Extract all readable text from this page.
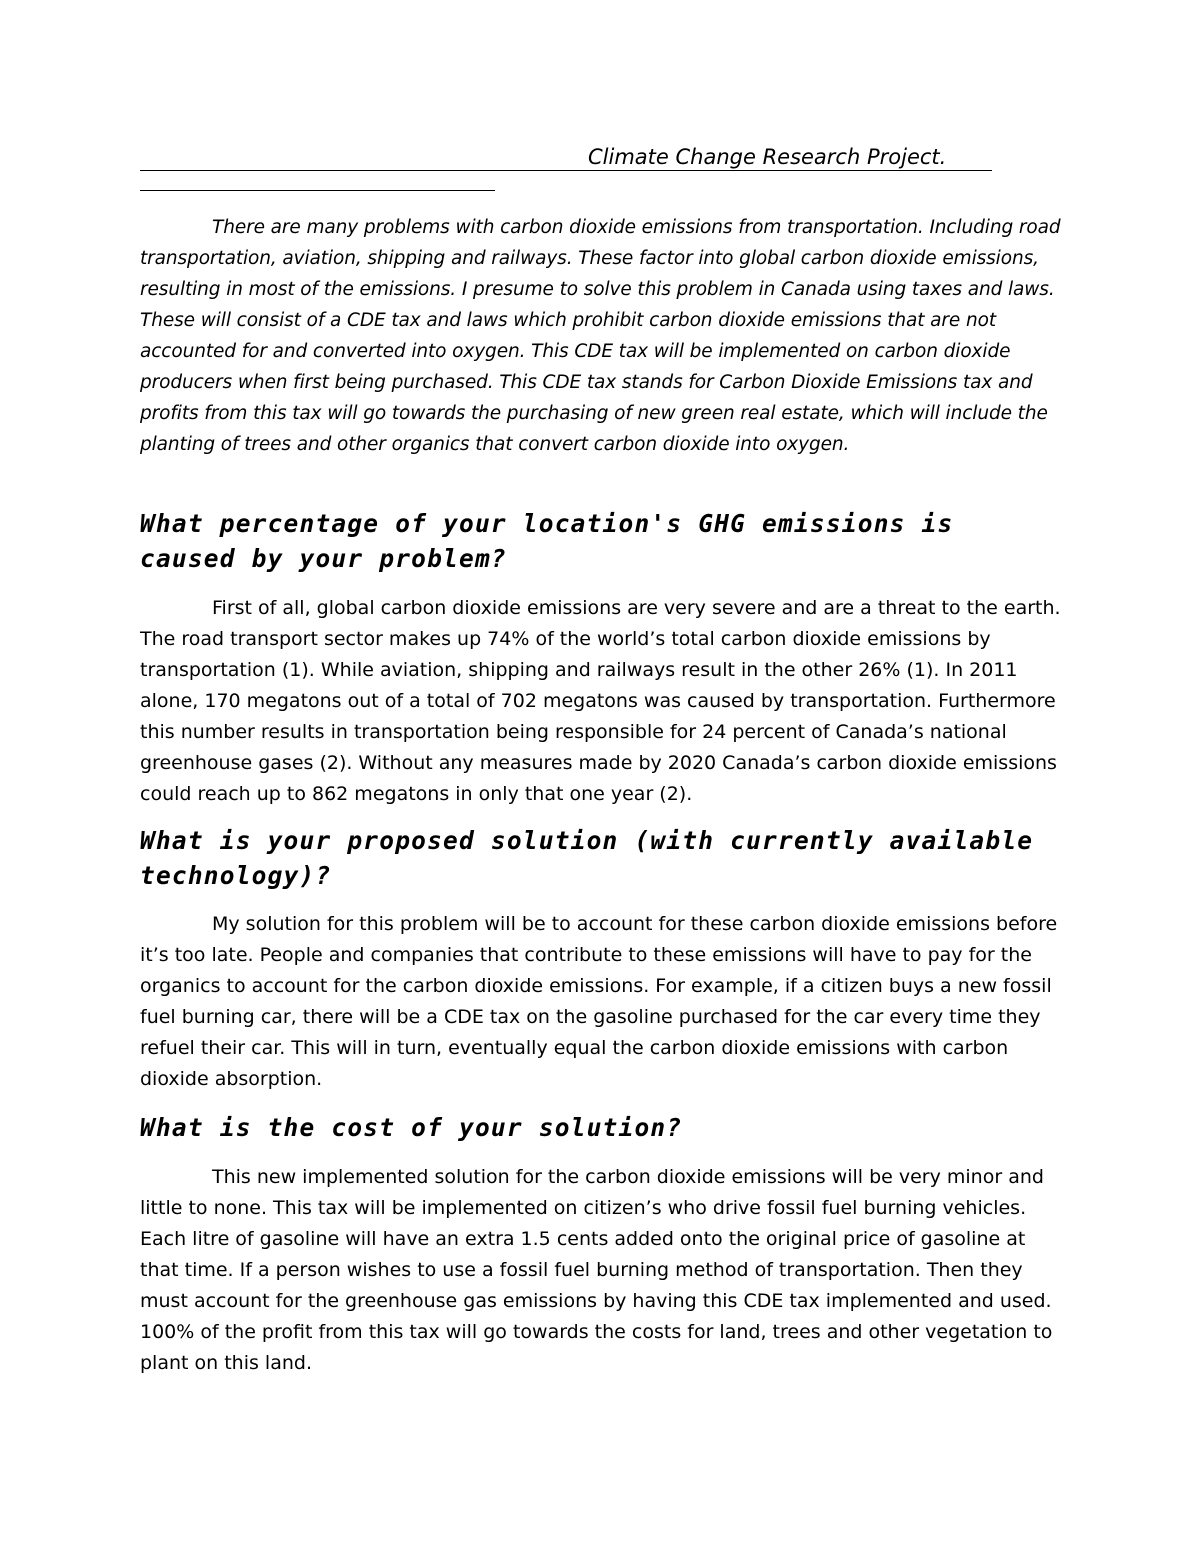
Climate Change Research Project.

There are many problems with carbon dioxide emissions from transportation. Including road transportation, aviation, shipping and railways. These factor into global carbon dioxide emissions, resulting in most of the emissions. I presume to solve this problem in Canada using taxes and laws. These will consist of a CDE tax and laws which prohibit carbon dioxide emissions that are not accounted for and converted into oxygen. This CDE tax will be implemented on carbon dioxide producers when first being purchased. This CDE tax stands for Carbon Dioxide Emissions tax and profits from this tax will go towards the purchasing of new green real estate, which will include the planting of trees and other organics that convert carbon dioxide into oxygen.

What percentage of your location's GHG emissions is caused by your problem?

First of all, global carbon dioxide emissions are very severe and are a threat to the earth. The road transport sector makes up 74% of the world’s total carbon dioxide emissions by transportation (1). While aviation, shipping and railways result in the other 26% (1). In 2011 alone, 170 megatons out of a total of 702 megatons was caused by transportation. Furthermore this number results in transportation being responsible for 24 percent of Canada’s national greenhouse gases (2). Without any measures made by 2020 Canada’s carbon dioxide emissions could reach up to 862 megatons in only that one year (2).

What is your proposed solution (with currently available technology)?

My solution for this problem will be to account for these carbon dioxide emissions before it’s too late. People and companies that contribute to these emissions will have to pay for the organics to account for the carbon dioxide emissions. For example, if a citizen buys a new fossil fuel burning car, there will be a CDE tax on the gasoline purchased for the car every time they refuel their car. This will in turn, eventually equal the carbon dioxide emissions with carbon dioxide absorption.

What is the cost of your solution?

This new implemented solution for the carbon dioxide emissions will be very minor and little to none. This tax will be implemented on citizen’s who drive fossil fuel burning vehicles. Each litre of gasoline will have an extra 1.5 cents added onto the original price of gasoline at that time. If a person wishes to use a fossil fuel burning method of transportation. Then they must account for the greenhouse gas emissions by having this CDE tax implemented and used. 100% of the profit from this tax will go towards the costs for land, trees and other vegetation to plant on this land.
